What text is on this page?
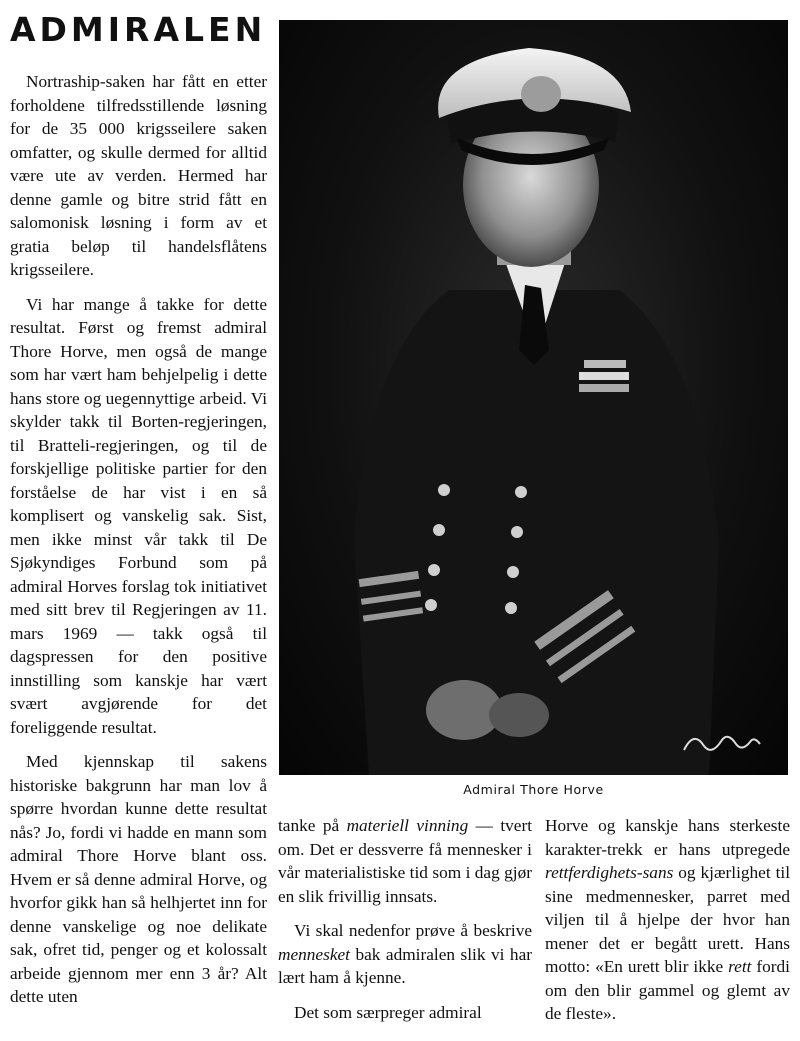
ADMIRALEN

Nortraship-saken har fått en etter forholdene tilfredsstillende løsning for de 35 000 krigsseilere saken omfatter, og skulle dermed for alltid være ute av verden. Hermed har denne gamle og bitre strid fått en salomonisk løsning i form av et gratia beløp til handelsflåtens krigsseilere.

Vi har mange å takke for dette resultat. Først og fremst admiral Thore Horve, men også de mange som har vært ham behjelpelig i dette hans store og uegennyttige arbeid. Vi skylder takk til Borten-regjeringen, til Bratteli-regjeringen, og til de forskjellige politiske partier for den forståelse de har vist i en så komplisert og vanskelig sak. Sist, men ikke minst vår takk til De Sjøkyndiges Forbund som på admiral Horves forslag tok initiativet med sitt brev til Regjeringen av 11. mars 1969 — takk også til dagspressen for den positive innstilling som kanskje har vært svært avgjørende for det foreliggende resultat.

Med kjennskap til sakens historiske bakgrunn har man lov å spørre hvordan kunne dette resultat nås? Jo, fordi vi hadde en mann som admiral Thore Horve blant oss. Hvem er så denne admiral Horve, og hvorfor gikk han så helhjertet inn for denne vanskelige og noe delikate sak, ofret tid, penger og et kolossalt arbeide gjennom mer enn 3 år? Alt dette uten

Admiral Thore Horve

tanke på materiell vinning — tvert om. Det er dessverre få mennesker i vår materialistiske tid som i dag gjør en slik frivillig innsats.

Vi skal nedenfor prøve å beskrive mennesket bak admiralen slik vi har lært ham å kjenne.

Det som særpreger admiral

Horve og kanskje hans sterkeste karakter-trekk er hans utpregede rettferdighets-sans og kjærlighet til sine medmennesker, parret med viljen til å hjelpe der hvor han mener det er begått urett. Hans motto: «En urett blir ikke rett fordi om den blir gammel og glemt av de fleste».
